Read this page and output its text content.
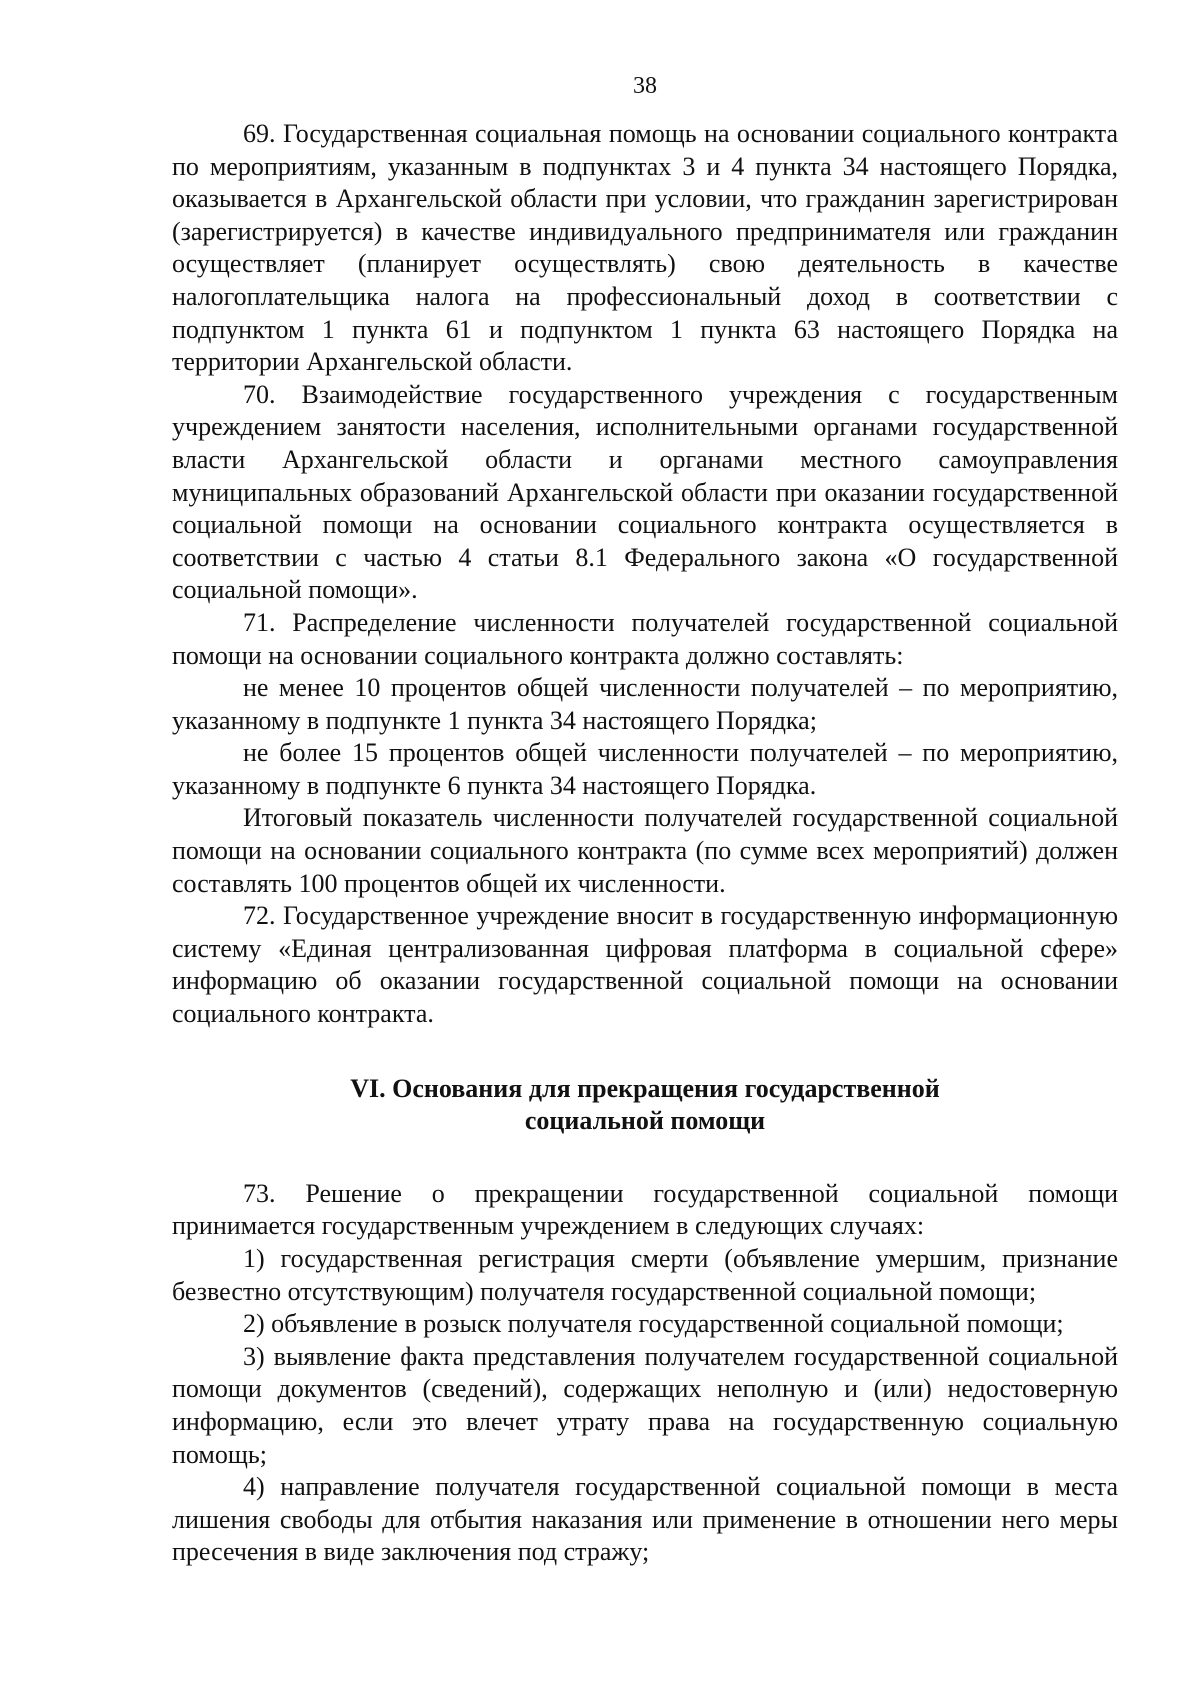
38

69. Государственная социальная помощь на основании социального контракта по мероприятиям, указанным в подпунктах 3 и 4 пункта 34 настоящего Порядка, оказывается в Архангельской области при условии, что гражданин зарегистрирован (зарегистрируется) в качестве индивидуального предпринимателя или гражданин осуществляет (планирует осуществлять) свою деятельность в качестве налогоплательщика налога на профессиональный доход в соответствии с подпунктом 1 пункта 61 и подпунктом 1 пункта 63 настоящего Порядка на территории Архангельской области.

70. Взаимодействие государственного учреждения с государственным учреждением занятости населения, исполнительными органами государственной власти Архангельской области и органами местного самоуправления муниципальных образований Архангельской области при оказании государственной социальной помощи на основании социального контракта осуществляется в соответствии с частью 4 статьи 8.1 Федерального закона «О государственной социальной помощи».

71. Распределение численности получателей государственной социальной помощи на основании социального контракта должно составлять:

не менее 10 процентов общей численности получателей – по мероприятию, указанному в подпункте 1 пункта 34 настоящего Порядка;

не более 15 процентов общей численности получателей – по мероприятию, указанному в подпункте 6 пункта 34 настоящего Порядка.

Итоговый показатель численности получателей государственной социальной помощи на основании социального контракта (по сумме всех мероприятий) должен составлять 100 процентов общей их численности.

72. Государственное учреждение вносит в государственную информационную систему «Единая централизованная цифровая платформа в социальной сфере» информацию об оказании государственной социальной помощи на основании социального контракта.

VI. Основания для прекращения государственной
социальной помощи

73. Решение о прекращении государственной социальной помощи принимается государственным учреждением в следующих случаях:

1) государственная регистрация смерти (объявление умершим, признание безвестно отсутствующим) получателя государственной социальной помощи;

2) объявление в розыск получателя государственной социальной помощи;

3) выявление факта представления получателем государственной социальной помощи документов (сведений), содержащих неполную и (или) недостоверную информацию, если это влечет утрату права на государственную социальную помощь;

4) направление получателя государственной социальной помощи в места лишения свободы для отбытия наказания или применение в отношении него меры пресечения в виде заключения под стражу;
